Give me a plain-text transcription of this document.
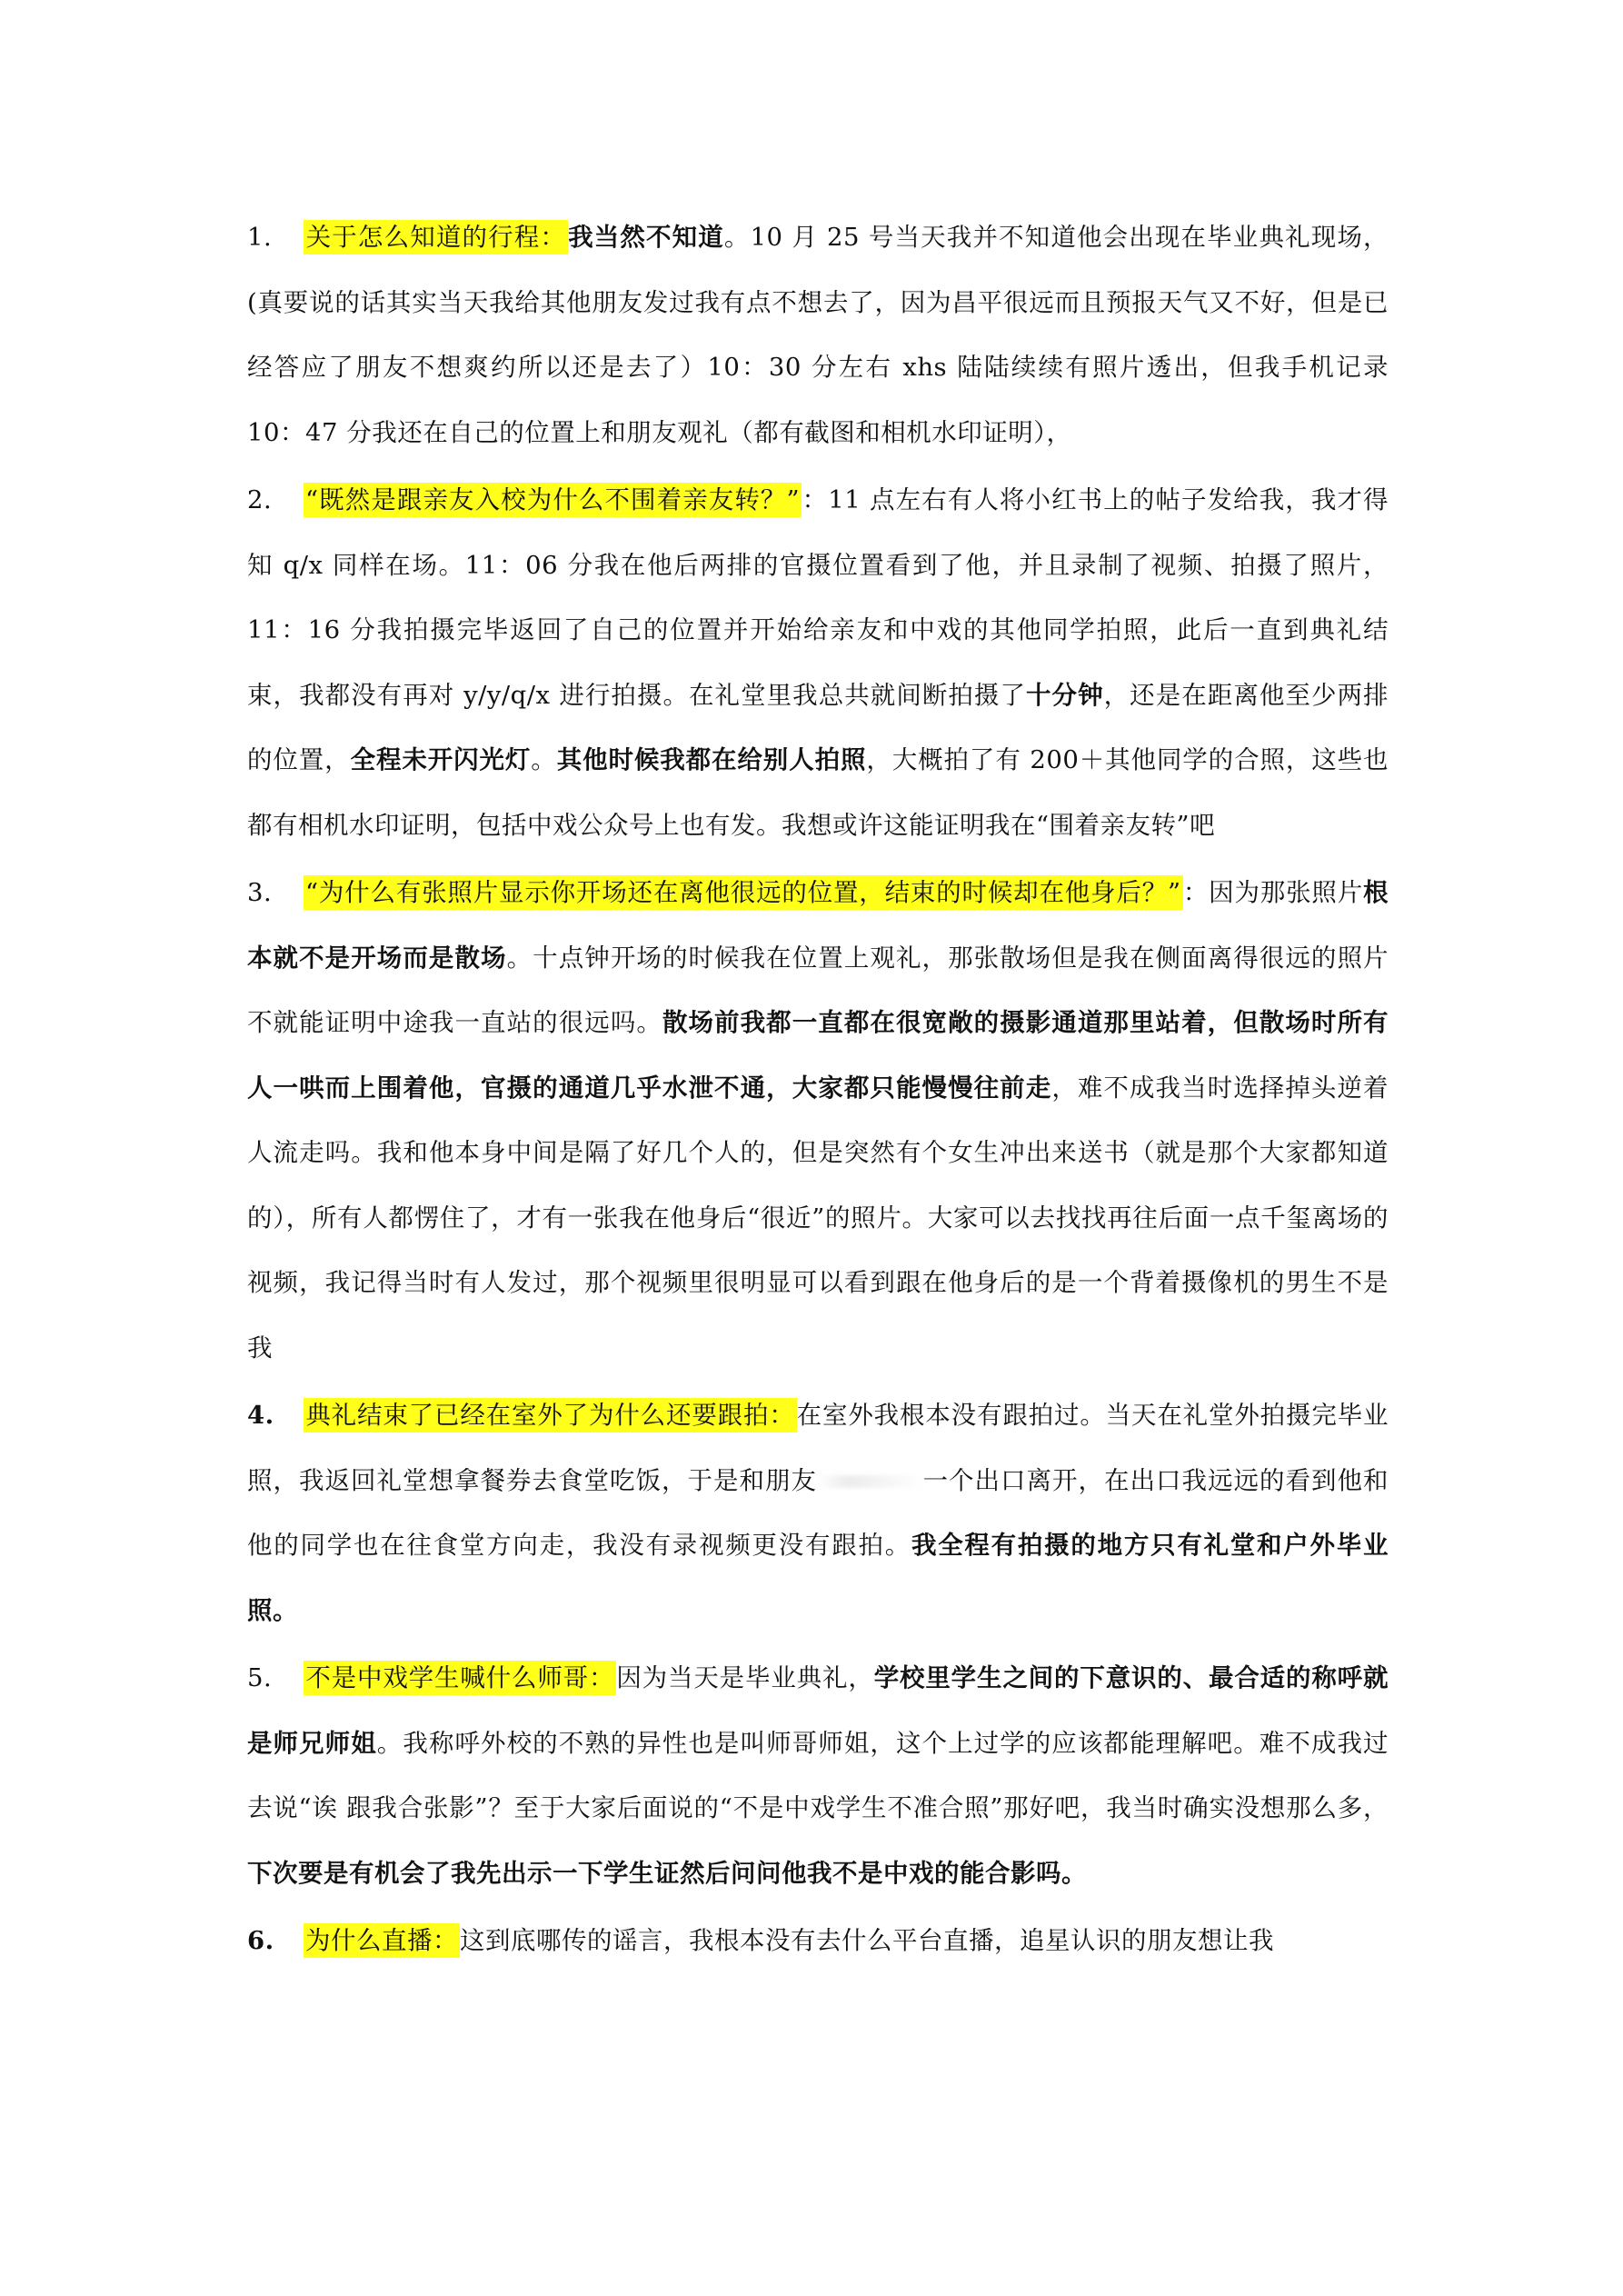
1. 关于怎么知道的行程：我当然不知道。10 月 25 号当天我并不知道他会出现在毕业典礼现场，(真要说的话其实当天我给其他朋友发过我有点不想去了，因为昌平很远而且预报天气又不好，但是已经答应了朋友不想爽约所以还是去了）10：30 分左右 xhs 陆陆续续有照片透出，但我手机记录 10：47 分我还在自己的位置上和朋友观礼（都有截图和相机水印证明），

2. “既然是跟亲友入校为什么不围着亲友转？”：11 点左右有人将小红书上的帖子发给我，我才得知 q/x 同样在场。11：06 分我在他后两排的官摄位置看到了他，并且录制了视频、拍摄了照片，11：16 分我拍摄完毕返回了自己的位置并开始给亲友和中戏的其他同学拍照，此后一直到典礼结束，我都没有再对 y/y/q/x 进行拍摄。在礼堂里我总共就间断拍摄了十分钟，还是在距离他至少两排的位置，全程未开闪光灯。其他时候我都在给别人拍照，大概拍了有 200＋其他同学的合照，这些也都有相机水印证明，包括中戏公众号上也有发。我想或许这能证明我在“围着亲友转”吧

3. “为什么有张照片显示你开场还在离他很远的位置，结束的时候却在他身后？”：因为那张照片根本就不是开场而是散场。十点钟开场的时候我在位置上观礼，那张散场但是我在侧面离得很远的照片不就能证明中途我一直站的很远吗。散场前我都一直都在很宽敞的摄影通道那里站着，但散场时所有人一哄而上围着他，官摄的通道几乎水泄不通，大家都只能慢慢往前走，难不成我当时选择掉头逆着人流走吗。我和他本身中间是隔了好几个人的，但是突然有个女生冲出来送书（就是那个大家都知道的），所有人都愣住了，才有一张我在他身后“很近”的照片。大家可以去找找再往后面一点千玺离场的视频，我记得当时有人发过，那个视频里很明显可以看到跟在他身后的是一个背着摄像机的男生不是我

4. 典礼结束了已经在室外了为什么还要跟拍：在室外我根本没有跟拍过。当天在礼堂外拍摄完毕业照，我返回礼堂想拿餐券去食堂吃饭，于是和朋友	一个出口离开，在出口我远远的看到他和他的同学也在往食堂方向走，我没有录视频更没有跟拍。我全程有拍摄的地方只有礼堂和户外毕业照。

5. 不是中戏学生喊什么师哥：因为当天是毕业典礼，学校里学生之间的下意识的、最合适的称呼就是师兄师姐。我称呼外校的不熟的异性也是叫师哥师姐，这个上过学的应该都能理解吧。难不成我过去说“诶 跟我合张影”？至于大家后面说的“不是中戏学生不准合照”那好吧，我当时确实没想那么多，下次要是有机会了我先出示一下学生证然后问问他我不是中戏的能合影吗。

6. 为什么直播：这到底哪传的谣言，我根本没有去什么平台直播，追星认识的朋友想让我
